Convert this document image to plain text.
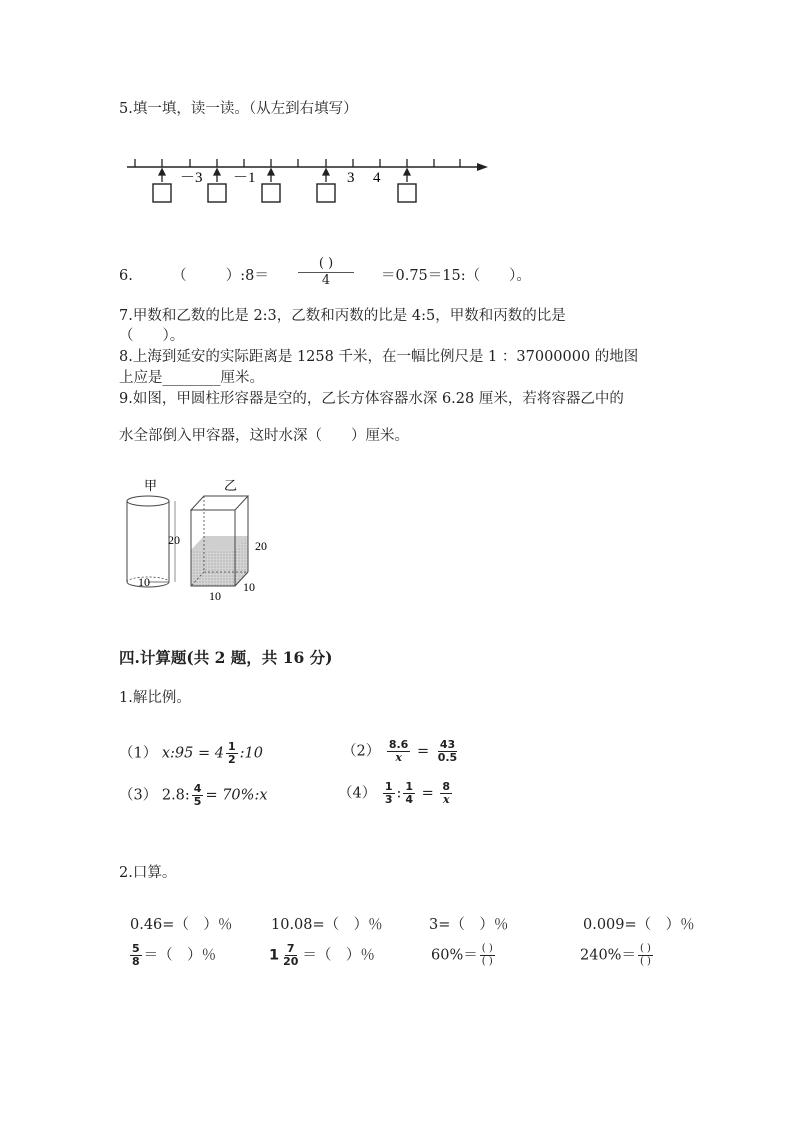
5.填一填，读一读。（从左到右填写）
－3 －1	3 4
6.	（	）:8＝
( )
4	＝0.75＝15:（　　）。
7.甲数和乙数的比是 2:3，乙数和丙数的比是 4:5，甲数和丙数的比是
（　　）。
8.上海到延安的实际距离是 1258 千米，在一幅比例尺是 1 ：37000000 的地图
上应是________厘米。
9.如图，甲圆柱形容器是空的，乙长方体容器水深 6.28 厘米，若将容器乙中的
水全部倒入甲容器，这时水深（　　）厘米。
甲
10
20
乙
20
10
10
四.计算题(共 2 题，共 16 分)
1.解比例。
（1） x:95 = $4 \frac{1}{2}$ :10	$(2) \frac{8.6}{x} = \frac{43}{0.5}$
（3） 2.8: $\frac{4}{5}$ = 70%:x	$(4) \frac{1}{3}$ : $\frac{1}{4} = \frac{8}{x}$
2.口算。
0.46=（　）％	10.08=（　）％	3=（　）％	0.009=（　）％
$\frac{5}{8}$ ＝（　）％	$1 \frac{7}{20}$ ＝（　）％	$60\%= \frac{( )}{( )}$	$240\%= \frac{( )}{( )}$
